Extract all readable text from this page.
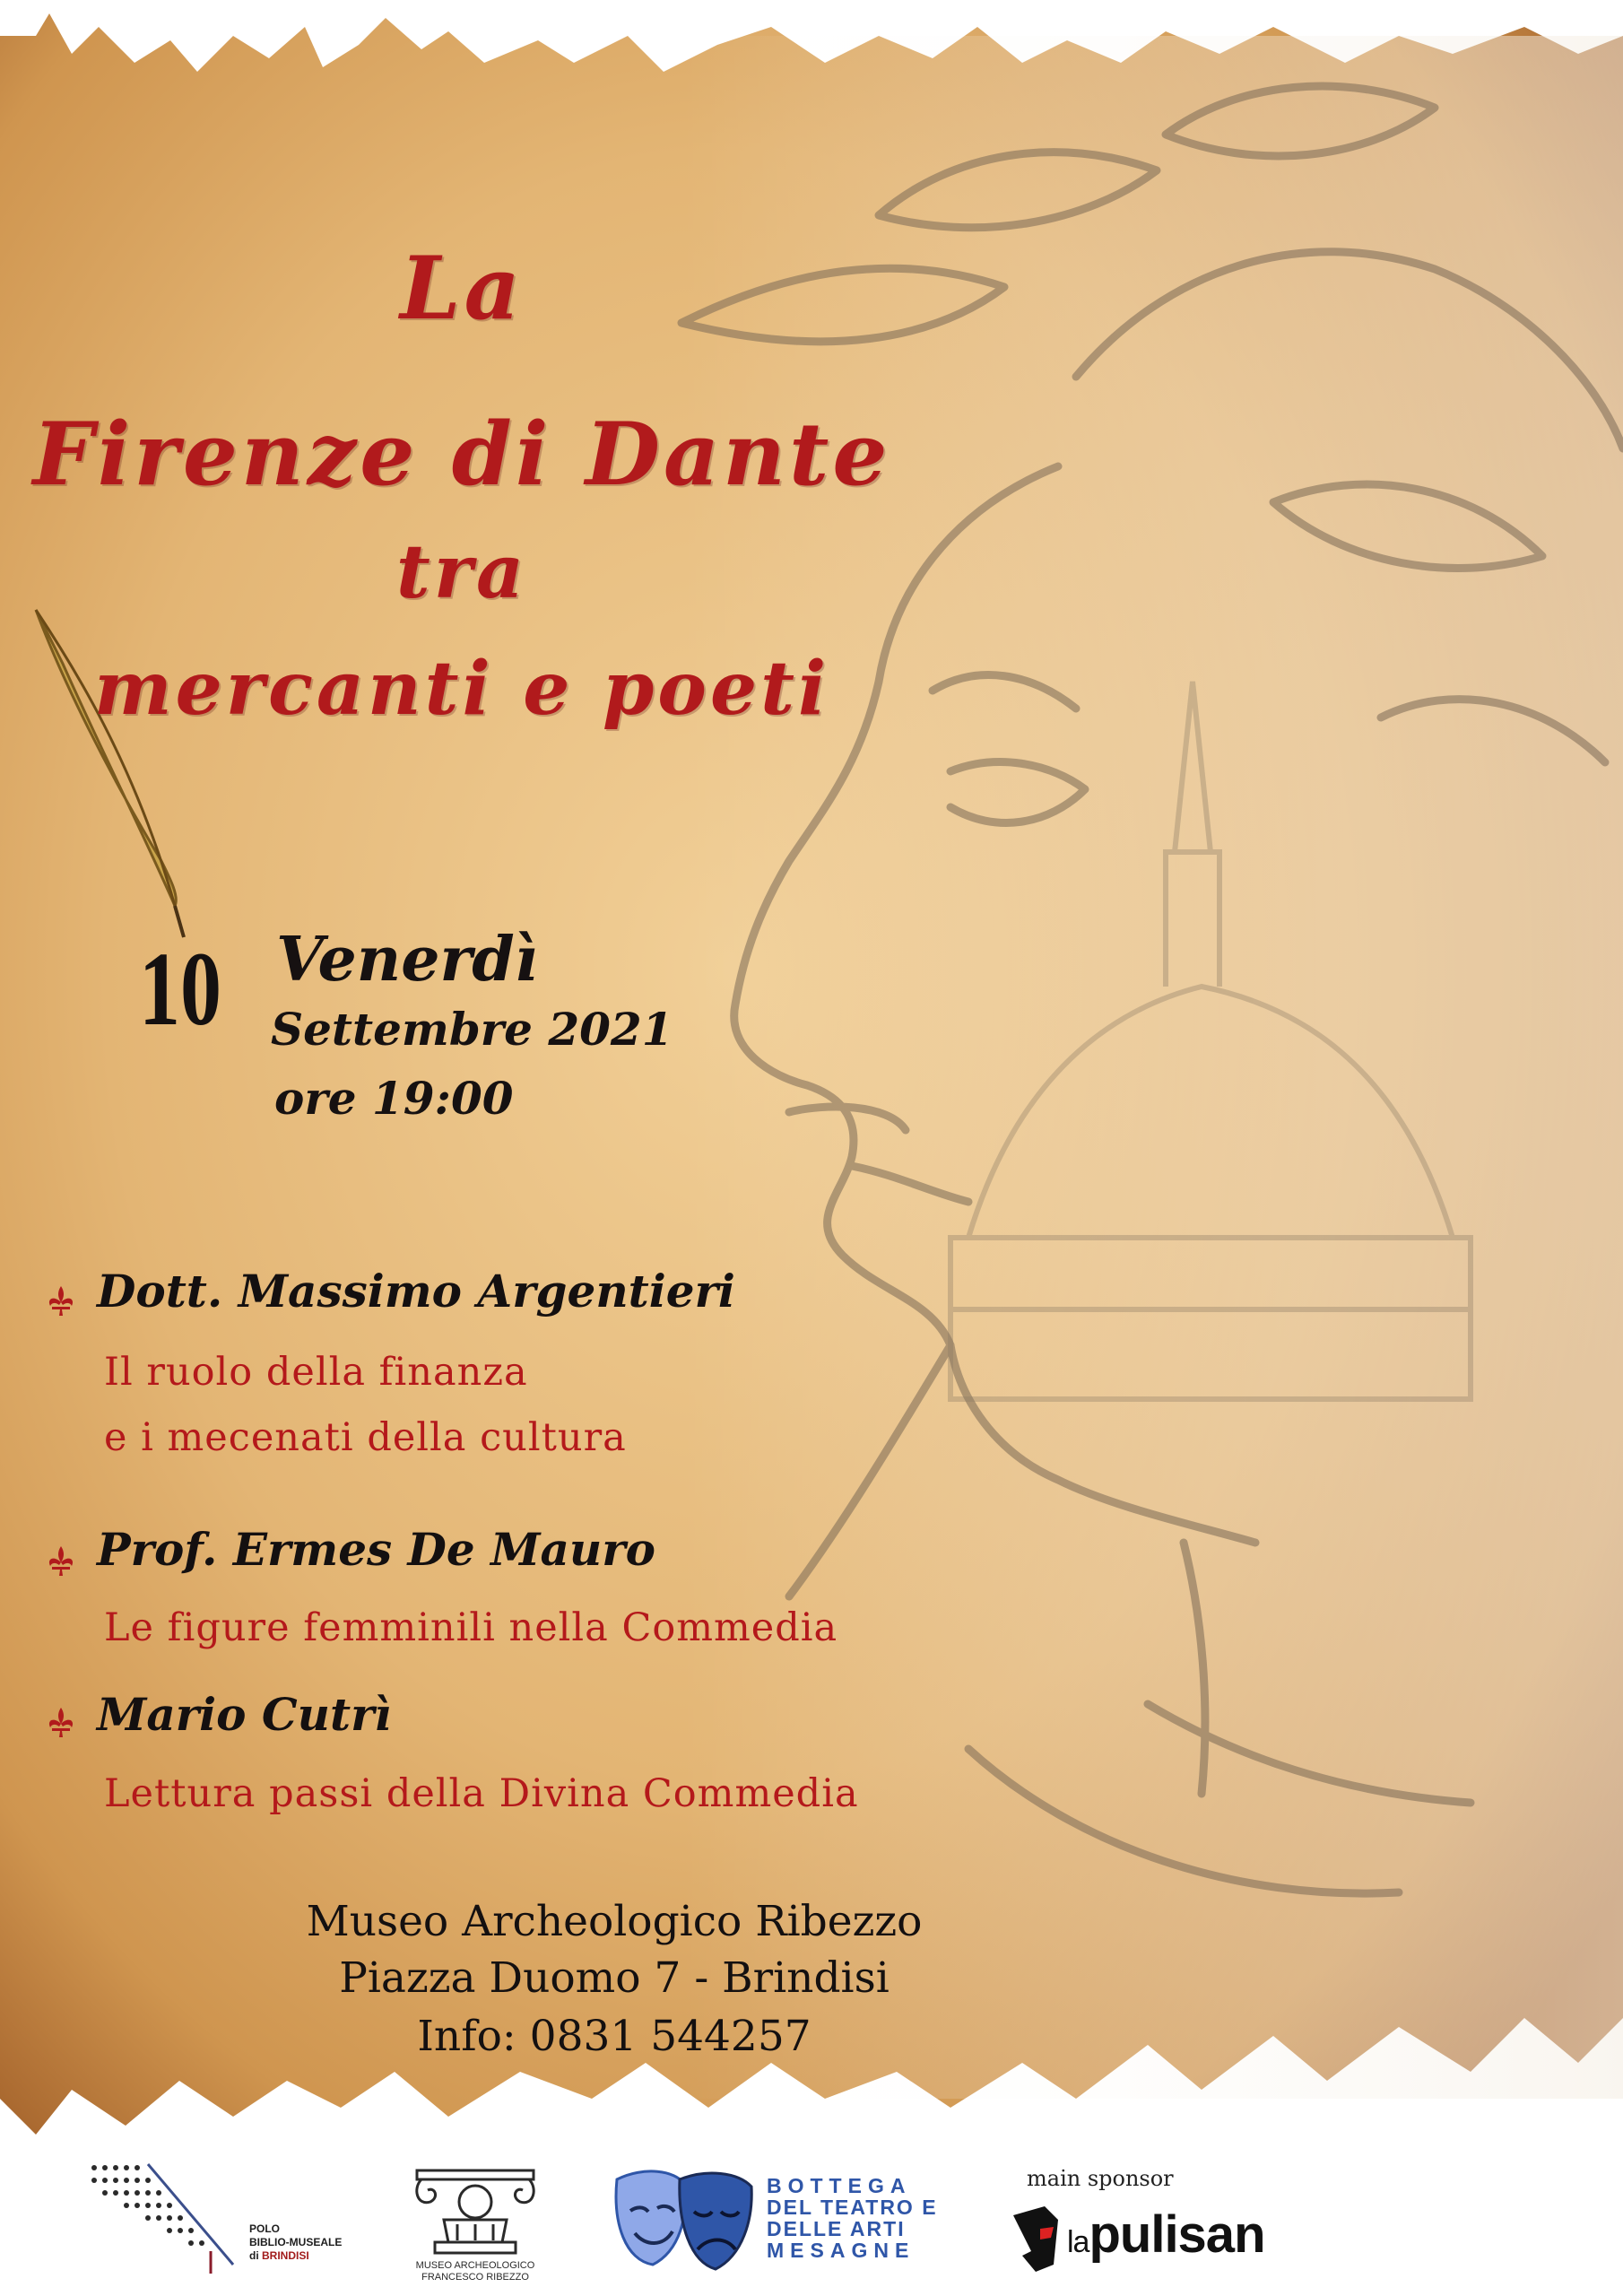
La
Firenze di Dante
tra
mercanti e poeti
10 Venerdì
Settembre 2021
ore 19:00
Dott. Massimo Argentieri
Il ruolo della finanza
e i mecenati della cultura
Prof. Ermes De Mauro
Le figure femminili nella Commedia
Mario Cutrì
Lettura passi della Divina Commedia
Museo Archeologico Ribezzo
Piazza Duomo 7 - Brindisi
Info: 0831 544257
POLO
BIBLIO-MUSEALE
di BRINDISI
MUSEO ARCHEOLOGICO
FRANCESCO RIBEZZO
BOTTEGA
DEL TEATRO E
DELLE ARTI
MESAGNE
main sponsor
lapulisan
